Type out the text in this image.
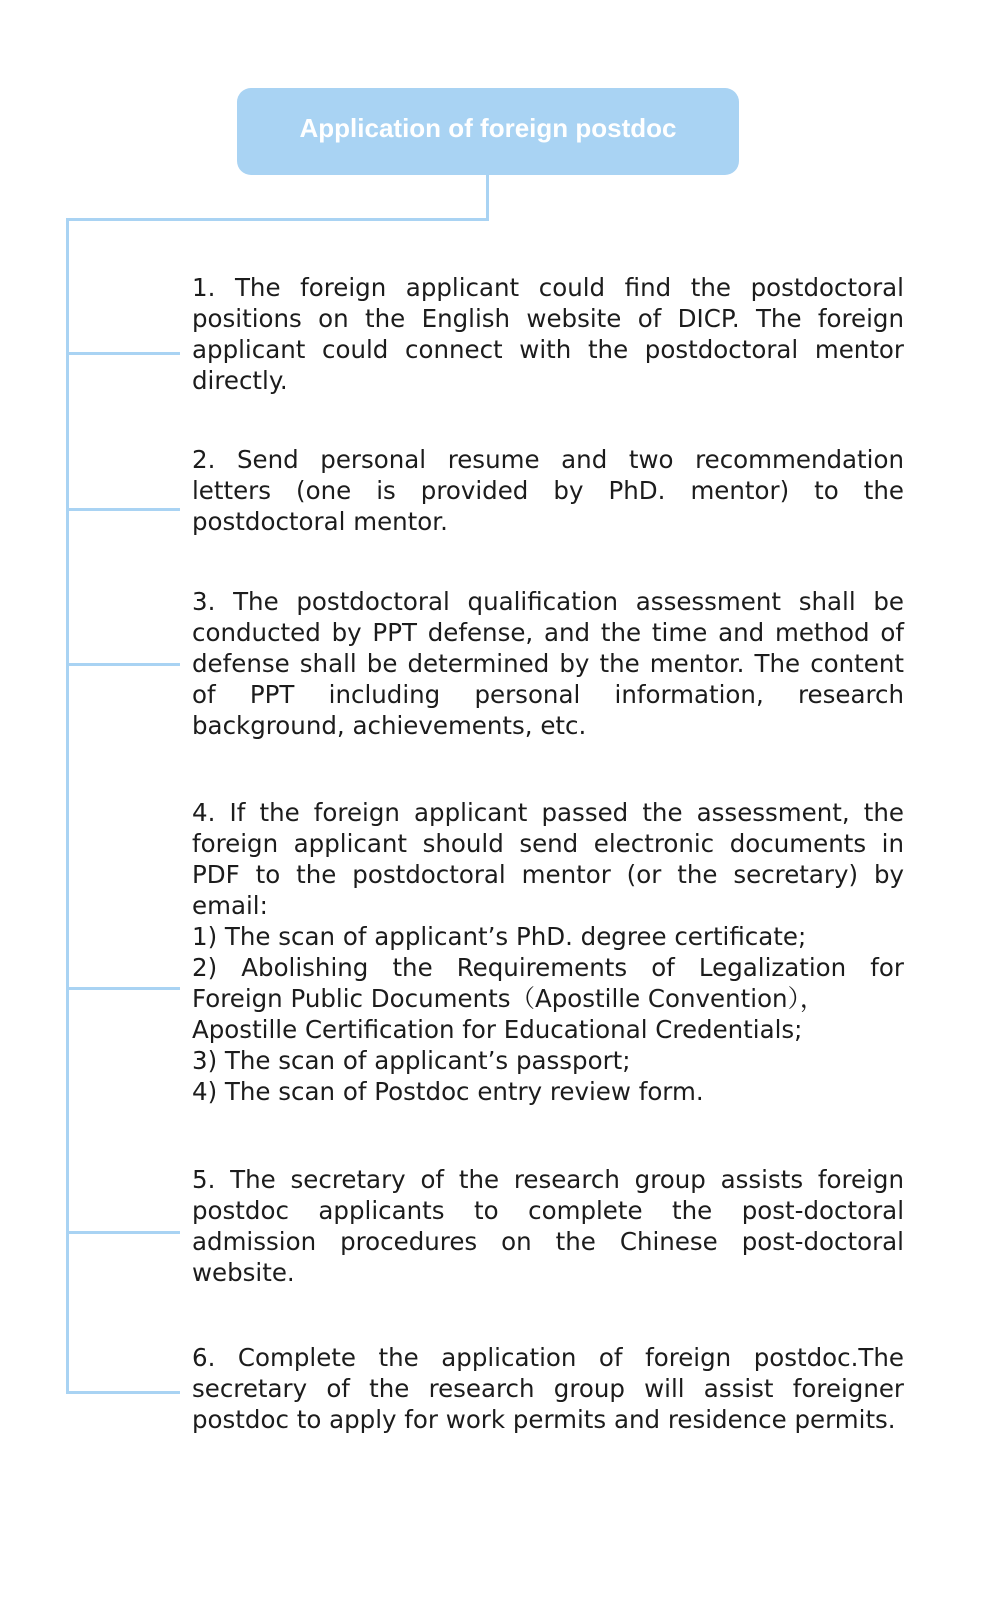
Application of foreign postdoc
1. The foreign applicant could find the postdoctoral positions on the English website of DICP. The foreign applicant could connect with the postdoctoral mentor directly.
2. Send personal resume and two recommendation letters (one is provided by PhD. mentor) to the postdoctoral mentor.
3. The postdoctoral qualification assessment shall be conducted by PPT defense, and the time and method of defense shall be determined by the mentor. The content of PPT including personal information, research background, achievements, etc.
4. If the foreign applicant passed the assessment, the foreign applicant should send electronic documents in PDF to the postdoctoral mentor (or the secretary) by email:
1) The scan of applicant’s PhD. degree certificate;
2) Abolishing the Requirements of Legalization for Foreign Public Documents（Apostille Convention），
Apostille Certification for Educational Credentials;
3) The scan of applicant’s passport;
4) The scan of Postdoc entry review form.
5. The secretary of the research group assists foreign postdoc applicants to complete the post-doctoral admission procedures on the Chinese post-doctoral website.
6. Complete the application of foreign postdoc.The secretary of the research group will assist foreigner postdoc to apply for work permits and residence permits.
